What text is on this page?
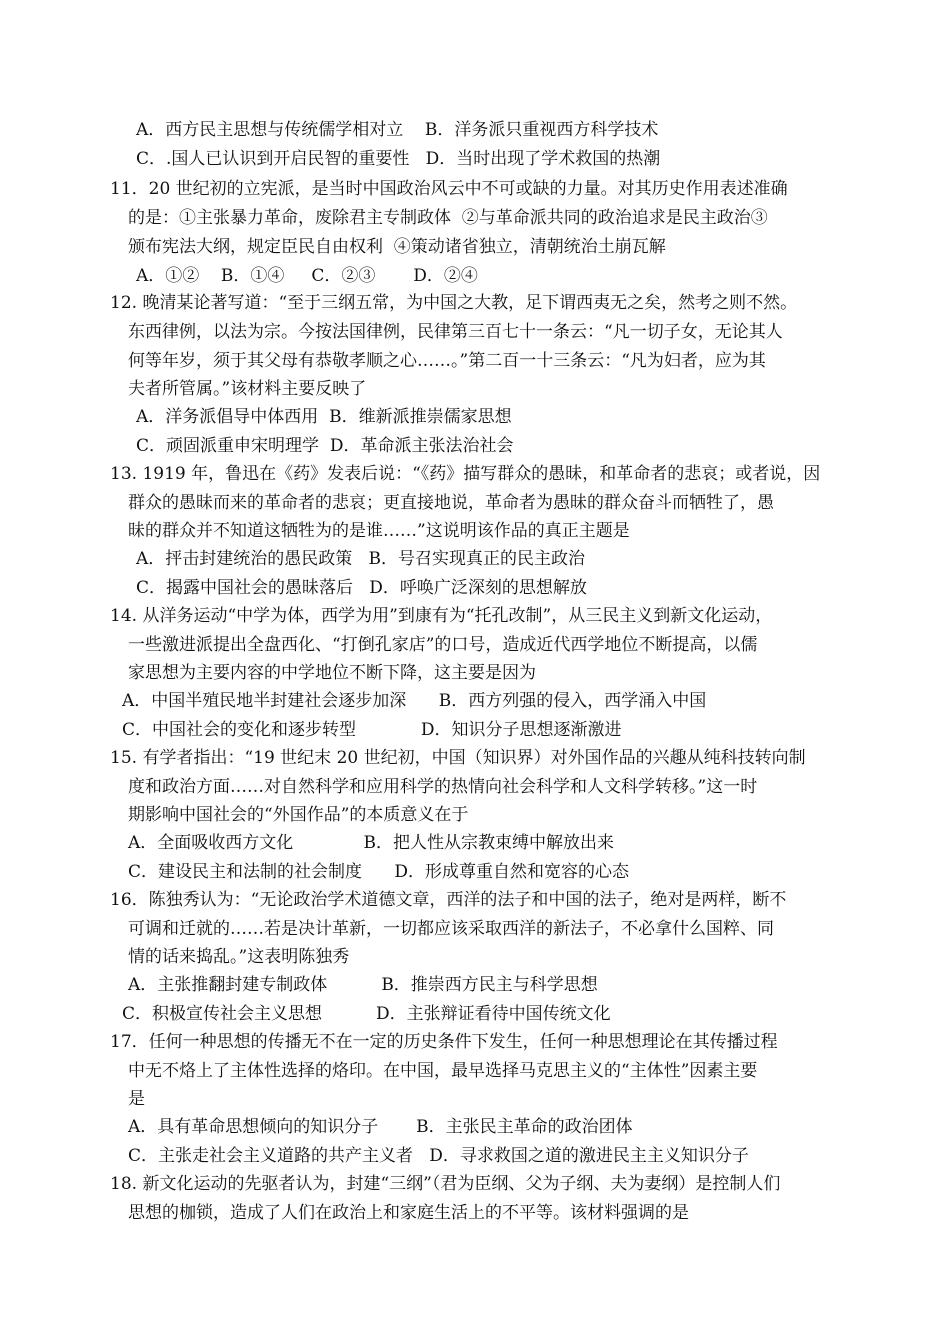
A．西方民主思想与传统儒学相对立    B．洋务派只重视西方科学技术
C．.国人已认识到开启民智的重要性   D．当时出现了学术救国的热潮
11．20 世纪初的立宪派，是当时中国政治风云中不可或缺的力量。对其历史作用表述准确
的是：①主张暴力革命，废除君主专制政体  ②与革命派共同的政治追求是民主政治③
颁布宪法大纲，规定臣民自由权利  ④策动诸省独立，清朝统治土崩瓦解
A．①②    B．①④     C．②③       D．②④
12. 晚清某论著写道：“至于三纲五常，为中国之大教，足下谓西夷无之矣，然考之则不然。
东西律例，以法为宗。今按法国律例，民律第三百七十一条云：“凡一切子女，无论其人
何等年岁，须于其父母有恭敬孝顺之心……。”第二百一十三条云：“凡为妇者，应为其
夫者所管属。”该材料主要反映了
A．洋务派倡导中体西用  B．维新派推崇儒家思想
C．顽固派重申宋明理学  D．革命派主张法治社会
13. 1919 年，鲁迅在《药》发表后说：“《药》描写群众的愚昧，和革命者的悲哀；或者说，因
群众的愚昧而来的革命者的悲哀；更直接地说，革命者为愚昧的群众奋斗而牺牲了，愚
昧的群众并不知道这牺牲为的是谁……”这说明该作品的真正主题是
A．抨击封建统治的愚民政策   B．号召实现真正的民主政治
C．揭露中国社会的愚昧落后   D．呼唤广泛深刻的思想解放
14. 从洋务运动“中学为体，西学为用”到康有为“托孔改制”，从三民主义到新文化运动，
一些激进派提出全盘西化、“打倒孔家店”的口号，造成近代西学地位不断提高，以儒
家思想为主要内容的中学地位不断下降，这主要是因为
A．中国半殖民地半封建社会逐步加深      B．西方列强的侵入，西学涌入中国
C．中国社会的变化和逐步转型            D．知识分子思想逐渐激进
15. 有学者指出：“19 世纪末 20 世纪初，中国（知识界）对外国作品的兴趣从纯科技转向制
度和政治方面……对自然科学和应用科学的热情向社会科学和人文科学转移。”这一时
期影响中国社会的“外国作品”的本质意义在于
A．全面吸收西方文化             B．把人性从宗教束缚中解放出来
C．建设民主和法制的社会制度      D．形成尊重自然和宽容的心态
16．陈独秀认为：“无论政治学术道德文章，西洋的法子和中国的法子，绝对是两样，断不
可调和迁就的……若是决计革新，一切都应该采取西洋的新法子，不必拿什么国粹、同
情的话来捣乱。”这表明陈独秀
A．主张推翻封建专制政体          B．推崇西方民主与科学思想
C．积极宣传社会主义思想          D．主张辩证看待中国传统文化
17．任何一种思想的传播无不在一定的历史条件下发生，任何一种思想理论在其传播过程
中无不烙上了主体性选择的烙印。在中国，最早选择马克思主义的“主体性”因素主要
是
A．具有革命思想倾向的知识分子       B．主张民主革命的政治团体
C．主张走社会主义道路的共产主义者   D．寻求救国之道的激进民主主义知识分子
18. 新文化运动的先驱者认为，封建“三纲”（君为臣纲、父为子纲、夫为妻纲）是控制人们
思想的枷锁，造成了人们在政治上和家庭生活上的不平等。该材料强调的是
